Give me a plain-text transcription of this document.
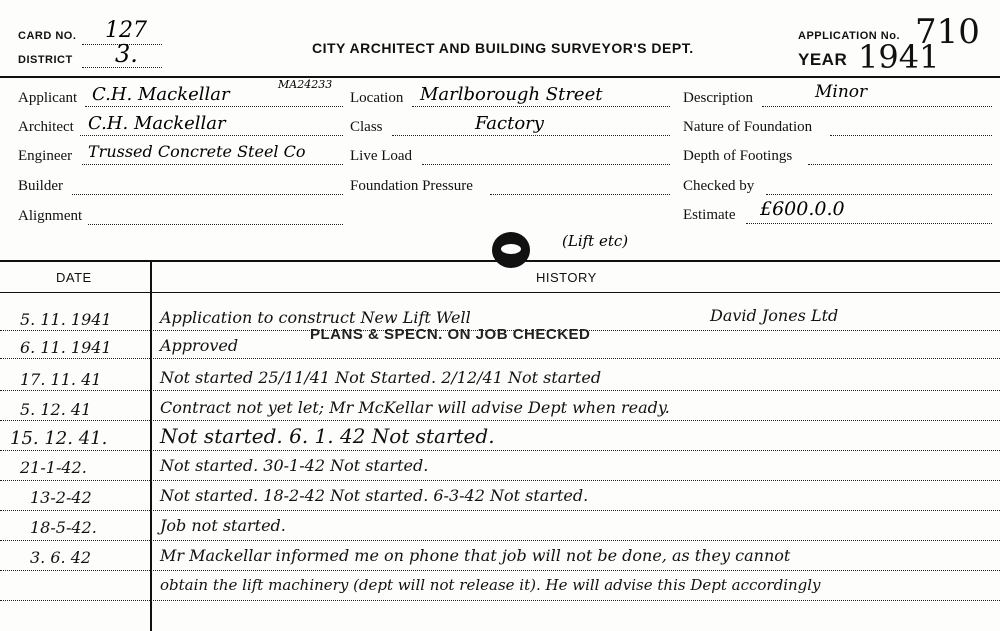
CARD NO. 127
DISTRICT 3.	CITY ARCHITECT AND BUILDING SURVEYOR'S DEPT.
APPLICATION No. 710
YEAR 1941
Applicant C.H. Mackellar	MA24233
Architect C.H. Mackellar
Engineer Trussed Concrete Steel Co
Builder
Alignment
Location Marlborough Street
Class	Factory
Live Load
Foundation Pressure
Description	Minor
Nature of Foundation
Depth of Footings
Checked by
Estimate £600.0.0
(Lift etc)
DATE	HISTORY
PLANS & SPECN. ON JOB CHECKED
5. 11. 1941	Application to construct New Lift Well	David Jones Ltd
6. 11. 1941	Approved
17. 11. 41	Not started 25/11/41 Not Started. 2/12/41 Not started
5. 12. 41	Contract not yet let; Mr McKellar will advise Dept when ready.
15. 12. 41.	Not started. 6. 1. 42 Not started.
21-1-42.	Not started. 30-1-42 Not started.
13-2-42	Not started. 18-2-42 Not started. 6-3-42 Not started.
18-5-42.	Job not started.
3. 6. 42	Mr Mackellar informed me on phone that job will not be done, as they cannot
obtain the lift machinery (dept will not release it). He will advise this Dept accordingly
